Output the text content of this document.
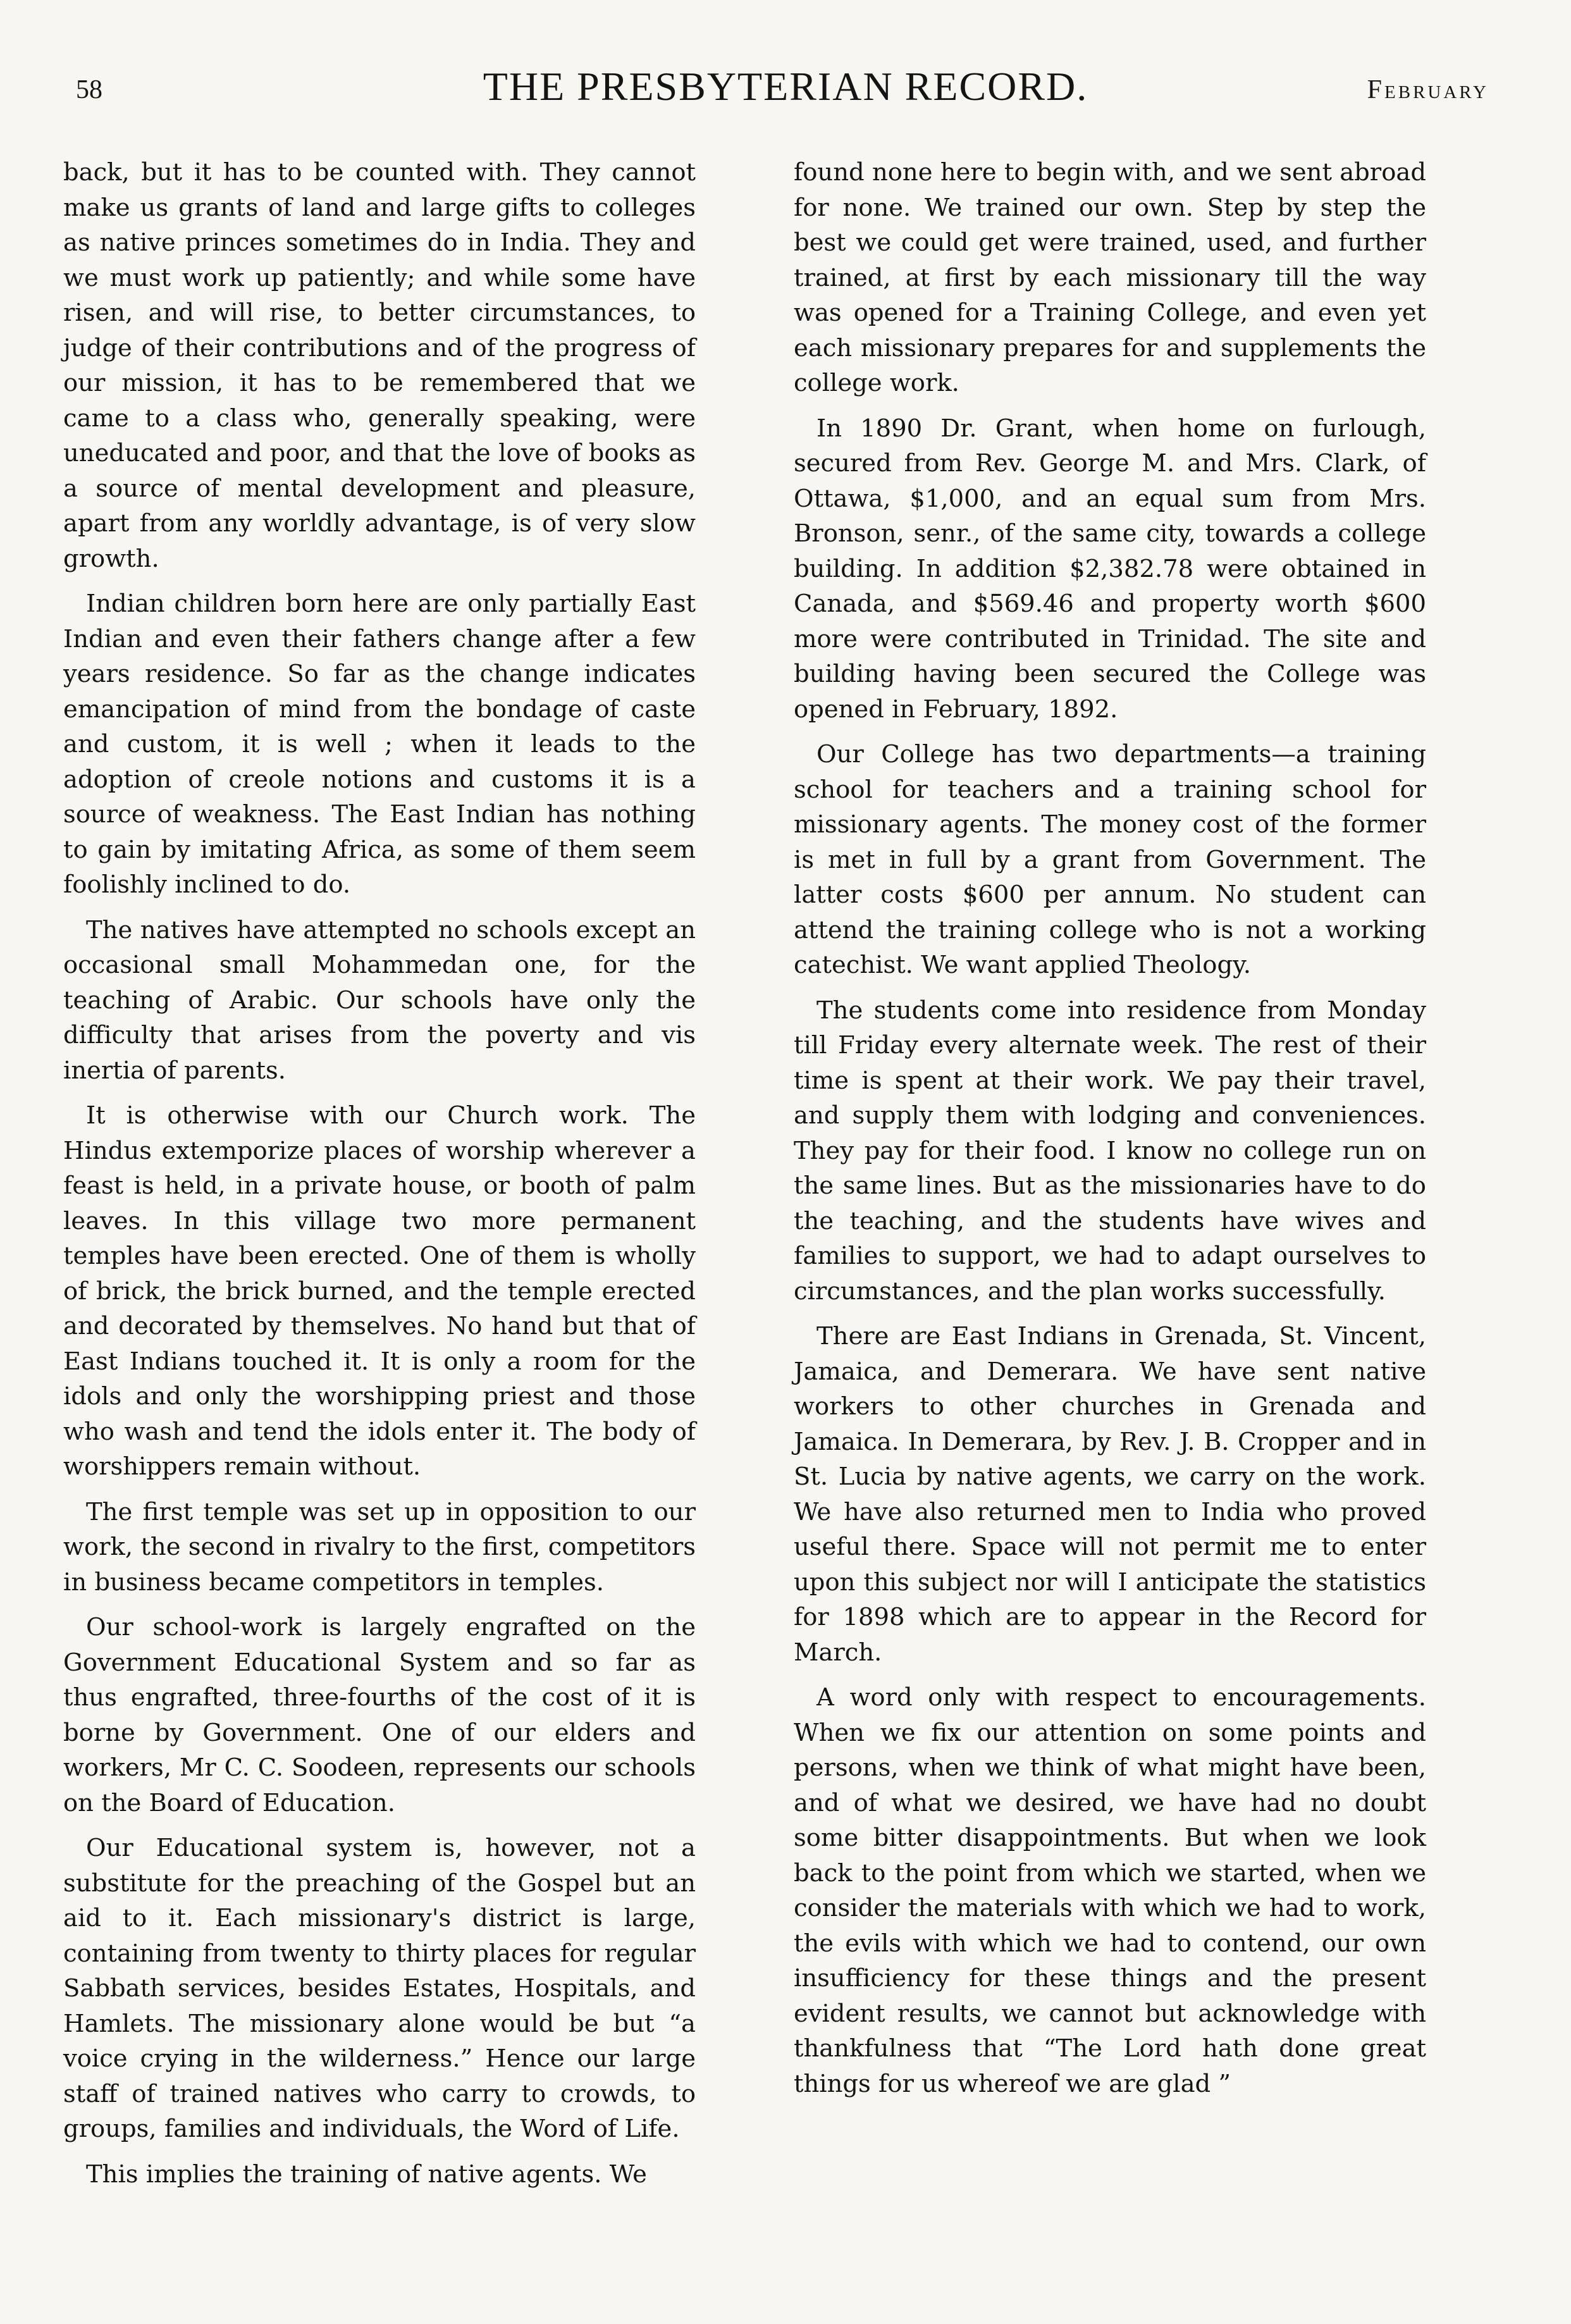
58	THE PRESBYTERIAN RECORD.	February

back, but it has to be counted with. They cannot make us grants of land and large gifts to colleges as native princes sometimes do in India. They and we must work up patiently; and while some have risen, and will rise, to better circumstances, to judge of their contributions and of the progress of our mission, it has to be remembered that we came to a class who, generally speaking, were uneducated and poor, and that the love of books as a source of mental development and pleasure, apart from any worldly advantage, is of very slow growth.

Indian children born here are only partially East Indian and even their fathers change after a few years residence. So far as the change indicates emancipation of mind from the bondage of caste and custom, it is well ; when it leads to the adoption of creole notions and customs it is a source of weakness. The East Indian has nothing to gain by imitating Africa, as some of them seem foolishly inclined to do.

The natives have attempted no schools except an occasional small Mohammedan one, for the teaching of Arabic. Our schools have only the difficulty that arises from the poverty and vis inertia of parents.

It is otherwise with our Church work. The Hindus extemporize places of worship wherever a feast is held, in a private house, or booth of palm leaves. In this village two more permanent temples have been erected. One of them is wholly of brick, the brick burned, and the temple erected and decorated by themselves. No hand but that of East Indians touched it. It is only a room for the idols and only the worshipping priest and those who wash and tend the idols enter it. The body of worshippers remain without.

The first temple was set up in opposition to our work, the second in rivalry to the first, competitors in business became competitors in temples.

Our school-work is largely engrafted on the Government Educational System and so far as thus engrafted, three-fourths of the cost of it is borne by Government. One of our elders and workers, Mr C. C. Soodeen, represents our schools on the Board of Education.

Our Educational system is, however, not a substitute for the preaching of the Gospel but an aid to it. Each missionary's district is large, containing from twenty to thirty places for regular Sabbath services, besides Estates, Hospitals, and Hamlets. The missionary alone would be but “a voice crying in the wilderness.” Hence our large staff of trained natives who carry to crowds, to groups, families and individuals, the Word of Life.

This implies the training of native agents. We

found none here to begin with, and we sent abroad for none. We trained our own. Step by step the best we could get were trained, used, and further trained, at first by each missionary till the way was opened for a Training College, and even yet each missionary prepares for and supplements the college work.

In 1890 Dr. Grant, when home on furlough, secured from Rev. George M. and Mrs. Clark, of Ottawa, $1,000, and an equal sum from Mrs. Bronson, senr., of the same city, towards a college building. In addition $2,382.78 were obtained in Canada, and $569.46 and property worth $600 more were contributed in Trinidad. The site and building having been secured the College was opened in February, 1892.

Our College has two departments—a training school for teachers and a training school for missionary agents. The money cost of the former is met in full by a grant from Government. The latter costs $600 per annum. No student can attend the training college who is not a working catechist. We want applied Theology.

The students come into residence from Monday till Friday every alternate week. The rest of their time is spent at their work. We pay their travel, and supply them with lodging and conveniences. They pay for their food. I know no college run on the same lines. But as the missionaries have to do the teaching, and the students have wives and families to support, we had to adapt ourselves to circumstances, and the plan works successfully.

There are East Indians in Grenada, St. Vincent, Jamaica, and Demerara. We have sent native workers to other churches in Grenada and Jamaica. In Demerara, by Rev. J. B. Cropper and in St. Lucia by native agents, we carry on the work. We have also returned men to India who proved useful there. Space will not permit me to enter upon this subject nor will I anticipate the statistics for 1898 which are to appear in the Record for March.

A word only with respect to encouragements. When we fix our attention on some points and persons, when we think of what might have been, and of what we desired, we have had no doubt some bitter disappointments. But when we look back to the point from which we started, when we consider the materials with which we had to work, the evils with which we had to contend, our own insufficiency for these things and the present evident results, we cannot but acknowledge with thankfulness that “The Lord hath done great things for us whereof we are glad ”
